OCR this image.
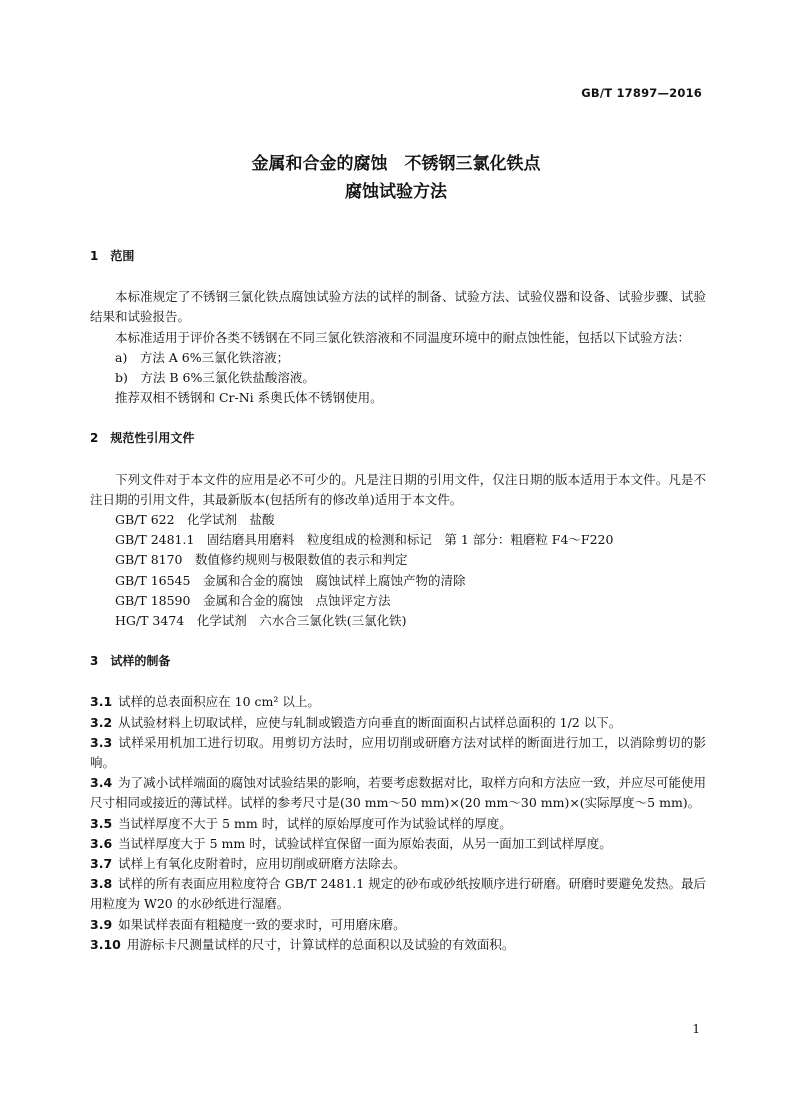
GB/T 17897—2016
金属和合金的腐蚀　不锈钢三氯化铁点
腐蚀试验方法
1　范围
本标准规定了不锈钢三氯化铁点腐蚀试验方法的试样的制备、试验方法、试验仪器和设备、试验步骤、试验结果和试验报告。
本标准适用于评价各类不锈钢在不同三氯化铁溶液和不同温度环境中的耐点蚀性能，包括以下试验方法：
a)　方法 A 6%三氯化铁溶液；
b)　方法 B 6%三氯化铁盐酸溶液。
推荐双相不锈钢和 Cr-Ni 系奥氏体不锈钢使用。
2　规范性引用文件
下列文件对于本文件的应用是必不可少的。凡是注日期的引用文件，仅注日期的版本适用于本文件。凡是不注日期的引用文件，其最新版本(包括所有的修改单)适用于本文件。
GB/T 622　化学试剂　盐酸
GB/T 2481.1　固结磨具用磨料　粒度组成的检测和标记　第 1 部分：粗磨粒 F4～F220
GB/T 8170　数值修约规则与极限数值的表示和判定
GB/T 16545　金属和合金的腐蚀　腐蚀试样上腐蚀产物的清除
GB/T 18590　金属和合金的腐蚀　点蚀评定方法
HG/T 3474　化学试剂　六水合三氯化铁(三氯化铁)
3　试样的制备
3.1 试样的总表面积应在 10 cm² 以上。
3.2 从试验材料上切取试样，应使与轧制或锻造方向垂直的断面面积占试样总面积的 1/2 以下。
3.3 试样采用机加工进行切取。用剪切方法时，应用切削或研磨方法对试样的断面进行加工，以消除剪切的影响。
3.4 为了减小试样端面的腐蚀对试验结果的影响，若要考虑数据对比，取样方向和方法应一致，并应尽可能使用尺寸相同或接近的薄试样。试样的参考尺寸是(30 mm～50 mm)×(20 mm～30 mm)×(实际厚度～5 mm)。
3.5 当试样厚度不大于 5 mm 时，试样的原始厚度可作为试验试样的厚度。
3.6 当试样厚度大于 5 mm 时，试验试样宜保留一面为原始表面，从另一面加工到试样厚度。
3.7 试样上有氧化皮附着时，应用切削或研磨方法除去。
3.8 试样的所有表面应用粒度符合 GB/T 2481.1 规定的砂布或砂纸按顺序进行研磨。研磨时要避免发热。最后用粒度为 W20 的水砂纸进行湿磨。
3.9 如果试样表面有粗糙度一致的要求时，可用磨床磨。
3.10 用游标卡尺测量试样的尺寸，计算试样的总面积以及试验的有效面积。
1
